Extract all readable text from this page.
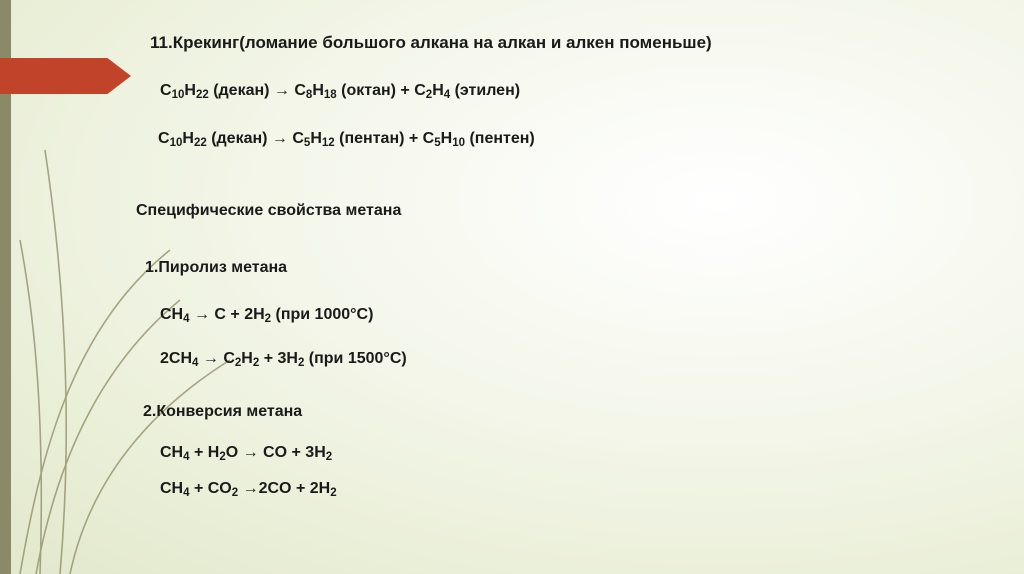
11.Крекинг(ломание большого алкана на алкан и алкен поменьше)
$C_{10}H_{22}$ (декан) → $C_8H_{18}$ (октан) + $C_2H_4$ (этилен)
$C_{10}H_{22}$ (декан) → $C_5H_{12}$ (пентан) + $C_5H_{10}$ (пентен)
Специфические свойства метана
1.Пиролиз метана
$CH_4 \to C + 2H_2$ (при 1000°С)
$2CH_4 \to C_2H_2 + 3H_2$ (при 1500°С)
2.Конверсия метана
$CH_4 + H_2O$ → CO + $3H_2$
$CH_4 + CO_2 \to 2CO + 2H_2$
